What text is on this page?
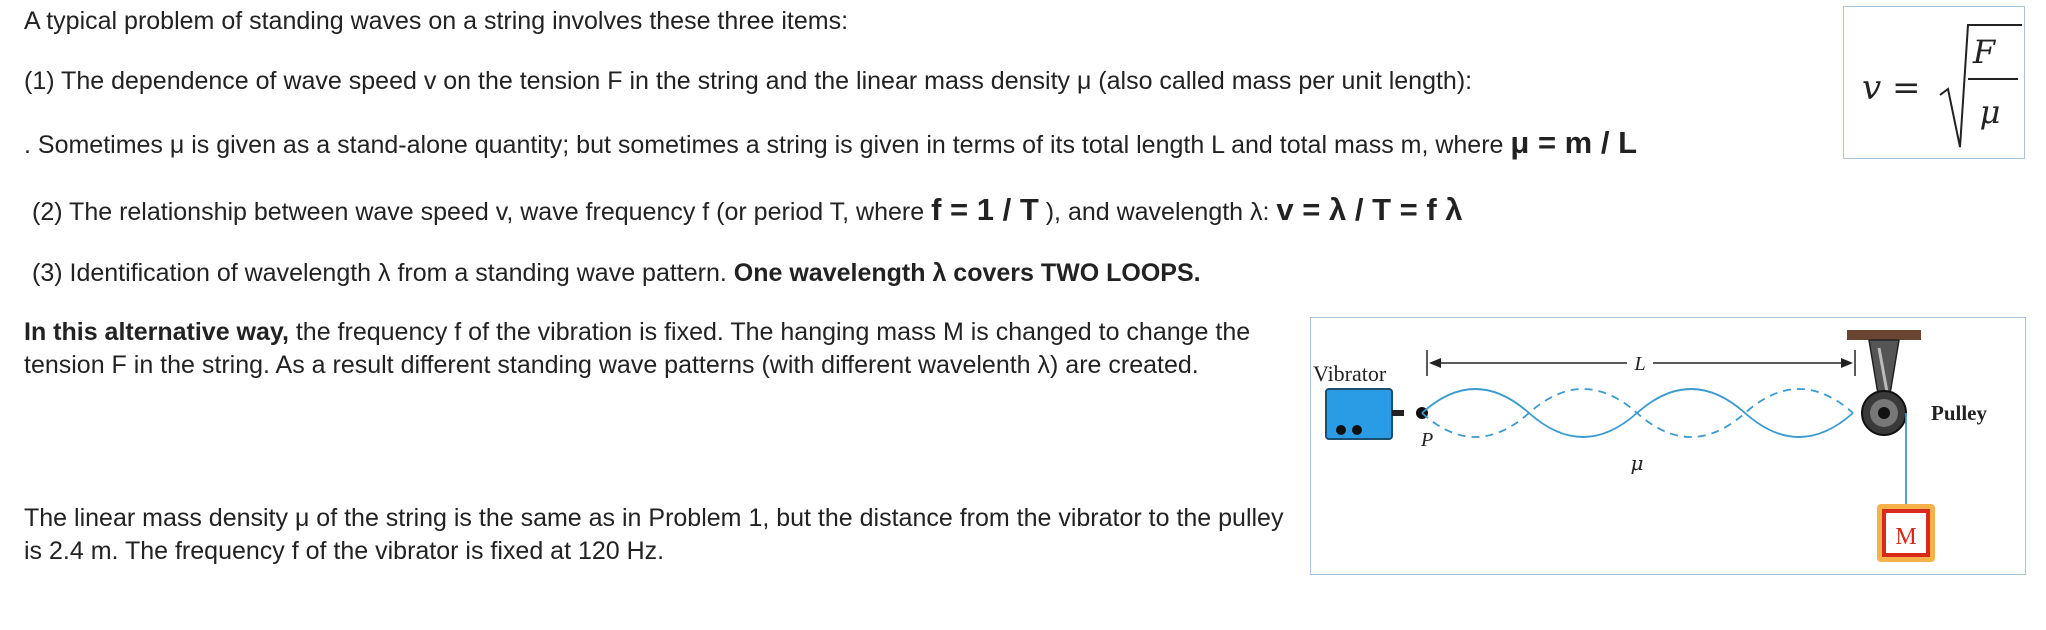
A typical problem of standing waves on a string involves these three items:
(1) The dependence of wave speed v on the tension F in the string and the linear mass density μ (also called mass per unit length):
. Sometimes μ is given as a stand-alone quantity; but sometimes a string is given in terms of its total length L and total mass m, where μ = m / L
(2) The relationship between wave speed v, wave frequency f (or period T, where f = 1 / T ), and wavelength λ: v = λ / T = f λ
(3) Identification of wavelength λ from a standing wave pattern. One wavelength λ covers TWO LOOPS.
In this alternative way, the frequency f of the vibration is fixed. The hanging mass M is changed to change the tension F in the string. As a result different standing wave patterns (with different wavelenth λ) are created.
The linear mass density μ of the string is the same as in Problem 1, but the distance from the vibrator to the pulley is 2.4 m. The frequency f of the vibrator is fixed at 120 Hz.
v =
F
μ
Vibrator
P
L
μ
Pulley
M
